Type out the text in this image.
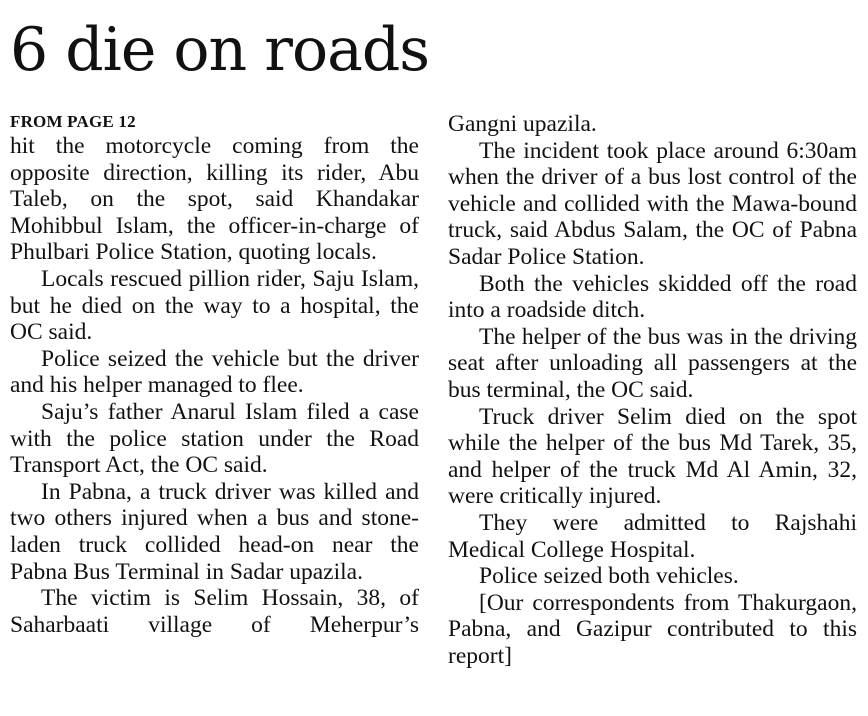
6 die on roads
FROM PAGE 12

hit the motorcycle coming from the opposite direction, killing its rider, Abu Taleb, on the spot, said Khandakar Mohibbul Islam, the officer-in-charge of Phulbari Police Station, quoting locals.

Locals rescued pillion rider, Saju Islam, but he died on the way to a hospital, the OC said.

Police seized the vehicle but the driver and his helper managed to flee.

Saju’s father Anarul Islam filed a case with the police station under the Road Transport Act, the OC said.

In Pabna, a truck driver was killed and two others injured when a bus and stone-laden truck collided head-on near the Pabna Bus Terminal in Sadar upazila.

The victim is Selim Hossain, 38, of Saharbaati village of Meherpur’s

Gangni upazila.

The incident took place around 6:30am when the driver of a bus lost control of the vehicle and collided with the Mawa-bound truck, said Abdus Salam, the OC of Pabna Sadar Police Station.

Both the vehicles skidded off the road into a roadside ditch.

The helper of the bus was in the driving seat after unloading all passengers at the bus terminal, the OC said.

Truck driver Selim died on the spot while the helper of the bus Md Tarek, 35, and helper of the truck Md Al Amin, 32, were critically injured.

They were admitted to Rajshahi Medical College Hospital.

Police seized both vehicles.

[Our correspondents from Thakurgaon, Pabna, and Gazipur contributed to this report]
